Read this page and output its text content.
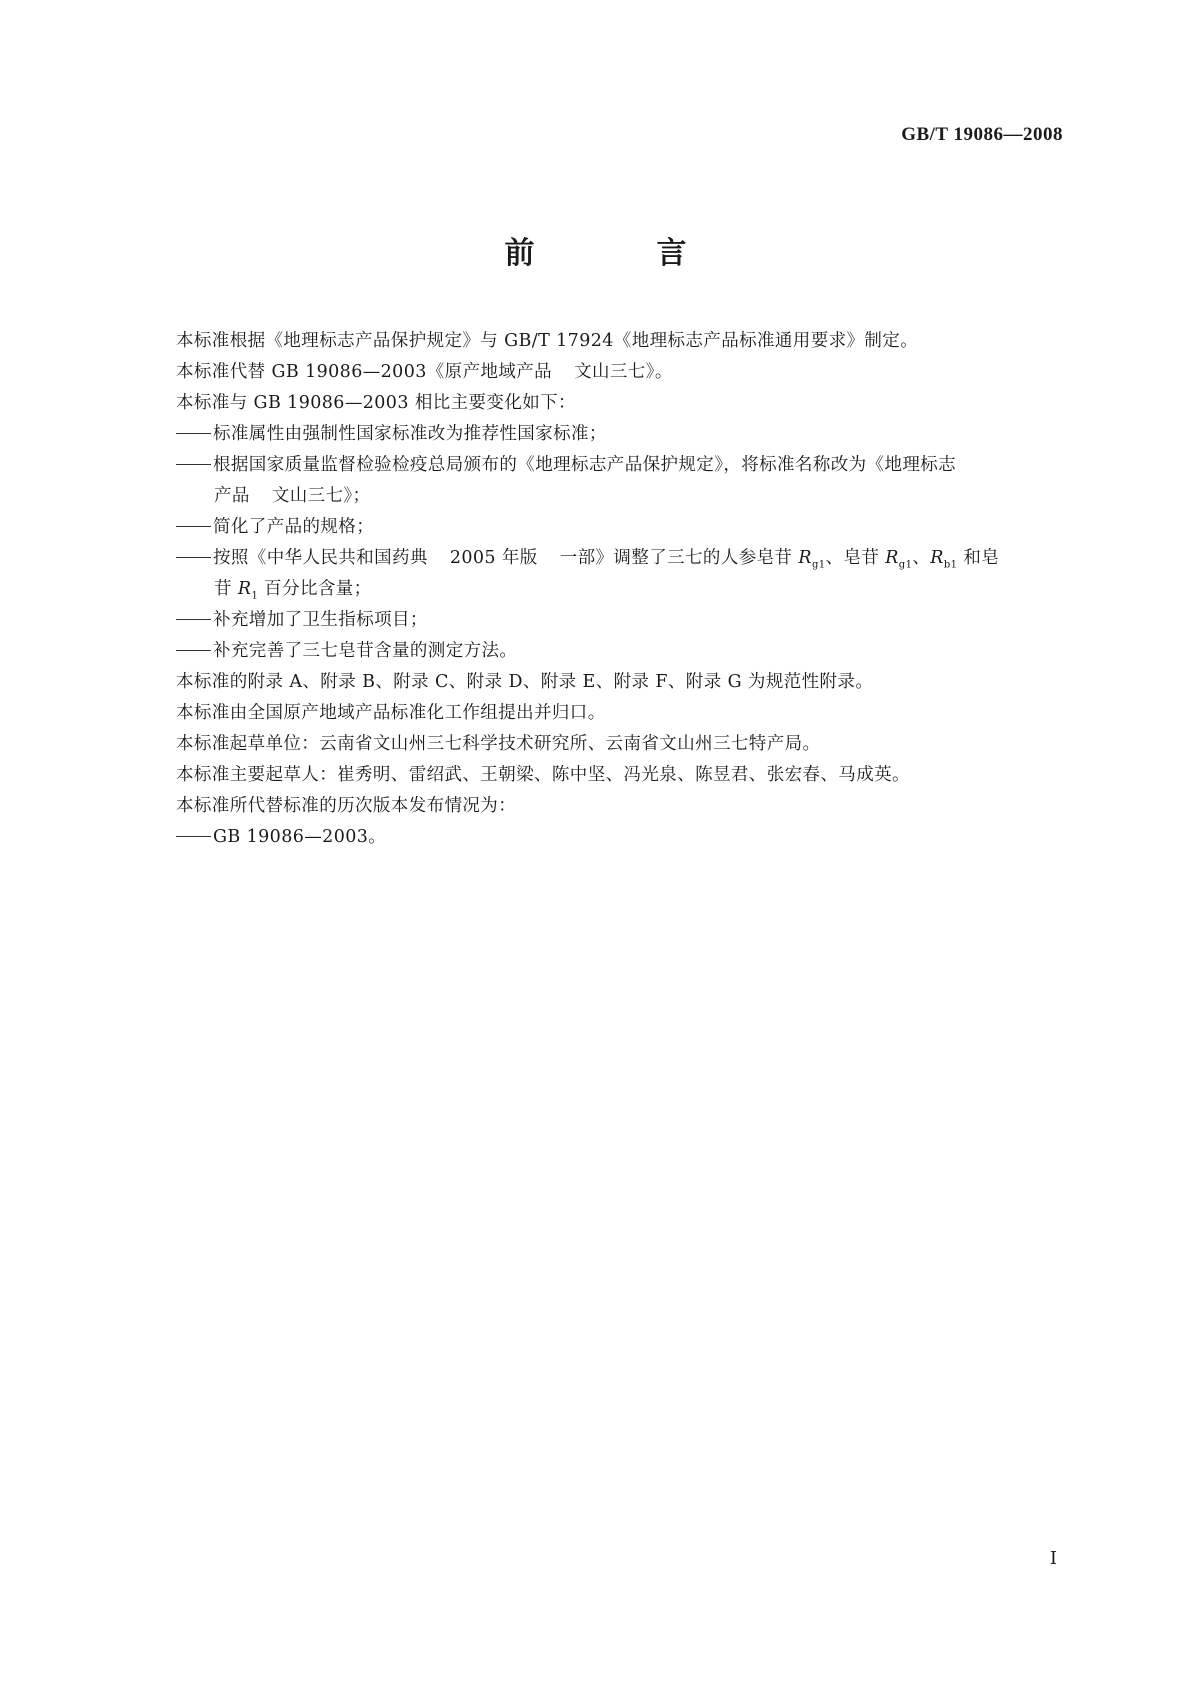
GB/T 19086—2008
前　言
本标准根据《地理标志产品保护规定》与 GB/T 17924《地理标志产品标准通用要求》制定。
本标准代替 GB 19086—2003《原产地域产品 文山三七》。
本标准与 GB 19086—2003 相比主要变化如下：
标准属性由强制性国家标准改为推荐性国家标准；
根据国家质量监督检验检疫总局颁布的《地理标志产品保护规定》，将标准名称改为《地理标志
产品 文山三七》；
简化了产品的规格；
按照《中华人民共和国药典 2005 年版 一部》调整了三七的人参皂苷 $R_{g1}$、皂苷 $R_{g1}$、$R_{b1}$ 和皂
苷 $R_1$ 百分比含量；
补充增加了卫生指标项目；
补充完善了三七皂苷含量的测定方法。
本标准的附录 A、附录 B、附录 C、附录 D、附录 E、附录 F、附录 G 为规范性附录。
本标准由全国原产地域产品标准化工作组提出并归口。
本标准起草单位：云南省文山州三七科学技术研究所、云南省文山州三七特产局。
本标准主要起草人：崔秀明、雷绍武、王朝梁、陈中坚、冯光泉、陈昱君、张宏春、马成英。
本标准所代替标准的历次版本发布情况为：
GB 19086—2003。
I
